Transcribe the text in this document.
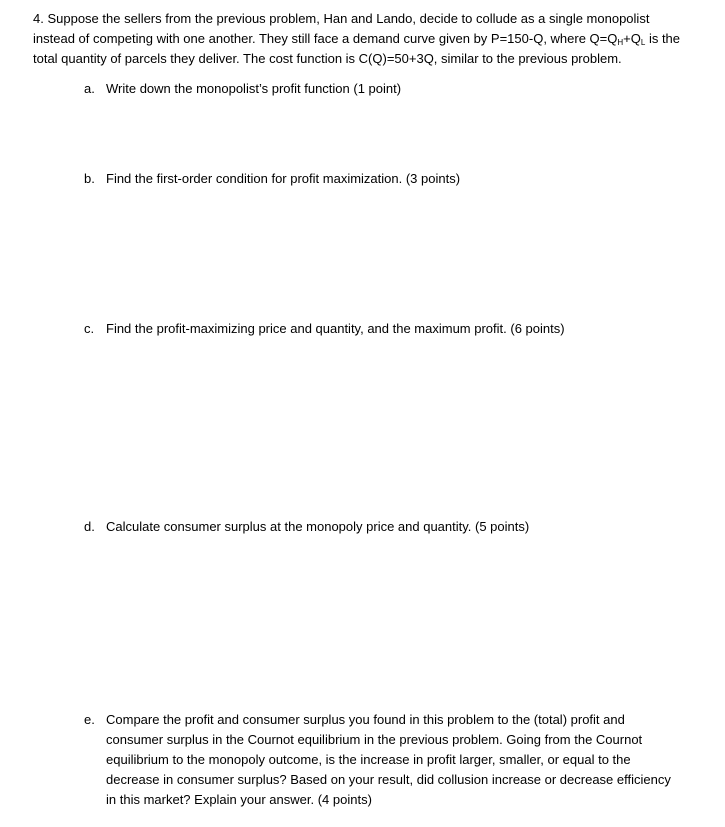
4. Suppose the sellers from the previous problem, Han and Lando, decide to collude as a single monopolist instead of competing with one another. They still face a demand curve given by P=150-Q, where $Q=Q_H+Q_L$ is the total quantity of parcels they deliver. The cost function is C(Q)=50+3Q, similar to the previous problem.

a. Write down the monopolist’s profit function (1 point)
b. Find the first-order condition for profit maximization. (3 points)
c. Find the profit-maximizing price and quantity, and the maximum profit. (6 points)
d. Calculate consumer surplus at the monopoly price and quantity. (5 points)
e. Compare the profit and consumer surplus you found in this problem to the (total) profit and consumer surplus in the Cournot equilibrium in the previous problem. Going from the Cournot equilibrium to the monopoly outcome, is the increase in profit larger, smaller, or equal to the decrease in consumer surplus? Based on your result, did collusion increase or decrease efficiency in this market? Explain your answer. (4 points)
